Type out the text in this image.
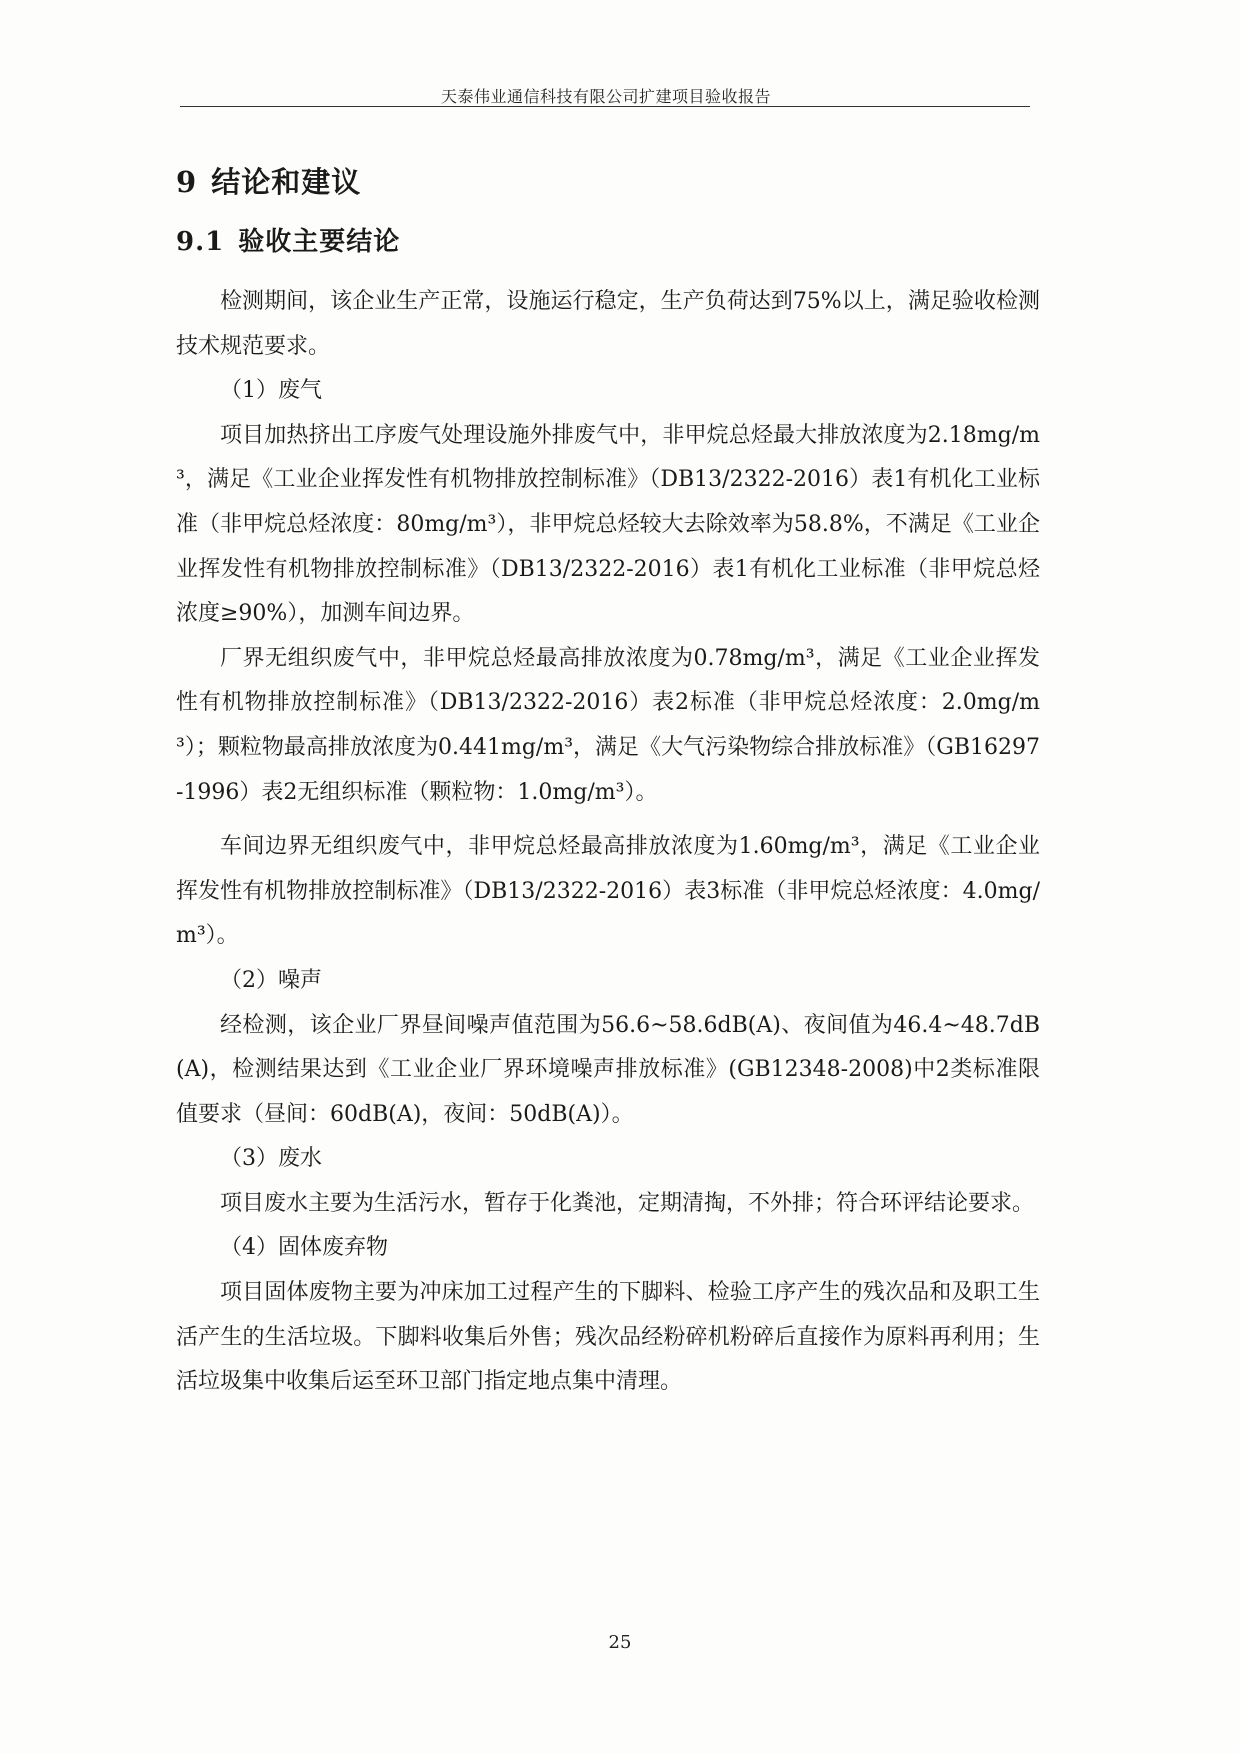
天泰伟业通信科技有限公司扩建项目验收报告
9 结论和建议
9.1 验收主要结论

检测期间，该企业生产正常，设施运行稳定，生产负荷达到75%以上，满足验收检测技术规范要求。

（1）废气

项目加热挤出工序废气处理设施外排废气中，非甲烷总烃最大排放浓度为2.18mg/m³，满足《工业企业挥发性有机物排放控制标准》（DB13/2322-2016）表1有机化工业标准（非甲烷总烃浓度：80mg/m³），非甲烷总烃较大去除效率为58.8%，不满足《工业企业挥发性有机物排放控制标准》（DB13/2322-2016）表1有机化工业标准（非甲烷总烃浓度≥90%），加测车间边界。

厂界无组织废气中，非甲烷总烃最高排放浓度为0.78mg/m³，满足《工业企业挥发性有机物排放控制标准》（DB13/2322-2016）表2标准（非甲烷总烃浓度：2.0mg/m³）；颗粒物最高排放浓度为0.441mg/m³，满足《大气污染物综合排放标准》（GB16297-1996）表2无组织标准（颗粒物：1.0mg/m³）。

车间边界无组织废气中，非甲烷总烃最高排放浓度为1.60mg/m³，满足《工业企业挥发性有机物排放控制标准》（DB13/2322-2016）表3标准（非甲烷总烃浓度：4.0mg/m³）。

（2）噪声

经检测，该企业厂界昼间噪声值范围为56.6~58.6dB(A)、夜间值为46.4~48.7dB(A)，检测结果达到《工业企业厂界环境噪声排放标准》(GB12348-2008)中2类标准限值要求（昼间：60dB(A)，夜间：50dB(A)）。

（3）废水

项目废水主要为生活污水，暂存于化粪池，定期清掏，不外排；符合环评结论要求。

（4）固体废弃物

项目固体废物主要为冲床加工过程产生的下脚料、检验工序产生的残次品和及职工生活产生的生活垃圾。下脚料收集后外售；残次品经粉碎机粉碎后直接作为原料再利用；生活垃圾集中收集后运至环卫部门指定地点集中清理。

25
